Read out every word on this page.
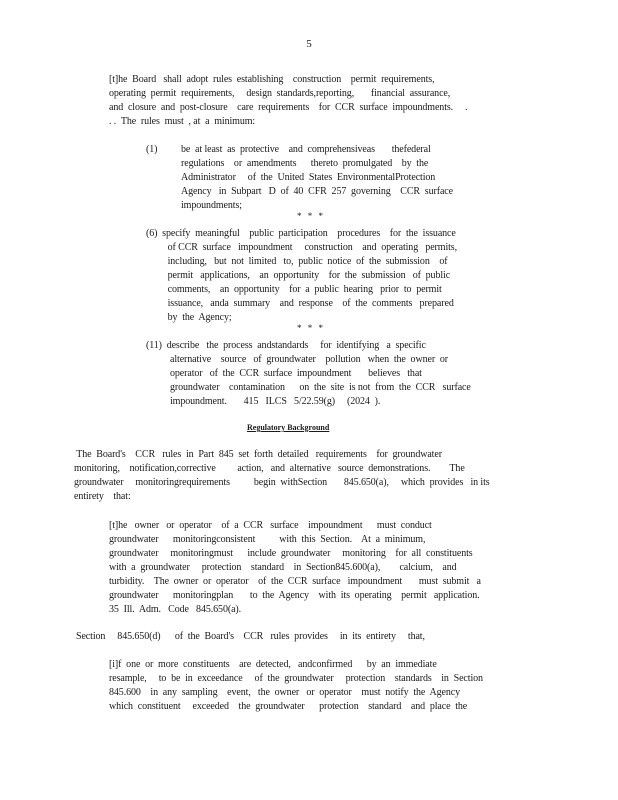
5
[t]he  Board   shall  adopt  rules  establishing    construction    permit  requirements,
operating  permit  requirements,     design  standards,reporting,       financial  assurance,
and  closure  and  post-closure    care  requirements    for  CCR  surface  impoundments.     .
. .  The  rules  must  , at  a  minimum:
(1) be  at least  as  protective    and  comprehensiveas       thefederal
regulations    or  amendments      thereto  promulgated    by  the
Administrator     of  the  United  States  EnvironmentalProtection
Agency   in  Subpart   D  of  40  CFR  257  governing    CCR  surface
impoundments;
* * *
(6)  specify  meaningful    public  participation    procedures    for  the  issuance
of CCR  surface   impoundment     construction    and  operating   permits,
including,   but  not  limited   to,  public  notice  of  the  submission    of
permit   applications,    an  opportunity    for  the  submission   of  public
comments,    an  opportunity    for  a  public  hearing   prior  to  permit
issuance,   anda  summary    and  response    of  the  comments   prepared
by  the  Agency;
* * *
(11)  describe   the  process  andstandards     for  identifying   a  specific
alternative    source   of  groundwater    pollution   when  the  owner  or
operator   of  the  CCR  surface  impoundment       believes   that
groundwater    contamination      on  the  site  is not  from  the  CCR   surface
impoundment.       415   ILCS   5/22.59(g)     (2024  ).
Regulatory Background
The  Board's    CCR   rules  in  Part  845  set  forth  detailed   requirements    for  groundwater
monitoring,    notification,corrective         action,   and  alternative   source  demonstrations.        The
groundwater     monitoringrequirements          begin  withSection       845.650(a),     which  provides   in its
entirety    that:
[t]he   owner   or  operator    of  a  CCR   surface    impoundment      must  conduct
groundwater      monitoringconsistent          with  this  Section.    At  a  minimum,
groundwater     monitoringmust      include  groundwater     monitoring    for  all  constituents
with  a  groundwater     protection    standard    in  Section845.600(a),        calcium,    and
turbidity.    The  owner  or  operator    of  the  CCR  surface   impoundment       must  submit   a
groundwater      monitoringplan       to  the  Agency    with  its  operating    permit   application.
35  Ill.  Adm.   Code   845.650(a).
Section     845.650(d)      of  the  Board's    CCR   rules  provides     in  its  entirety     that,
[i]f  one  or  more  constituents    are  detected,   andconfirmed      by  an  immediate
resample,     to  be  in  exceedance     of  the  groundwater     protection    standards    in  Section
845.600    in  any  sampling    event,   the  owner   or  operator    must  notify  the  Agency
which  constituent     exceeded    the  groundwater      protection    standard    and  place  the
